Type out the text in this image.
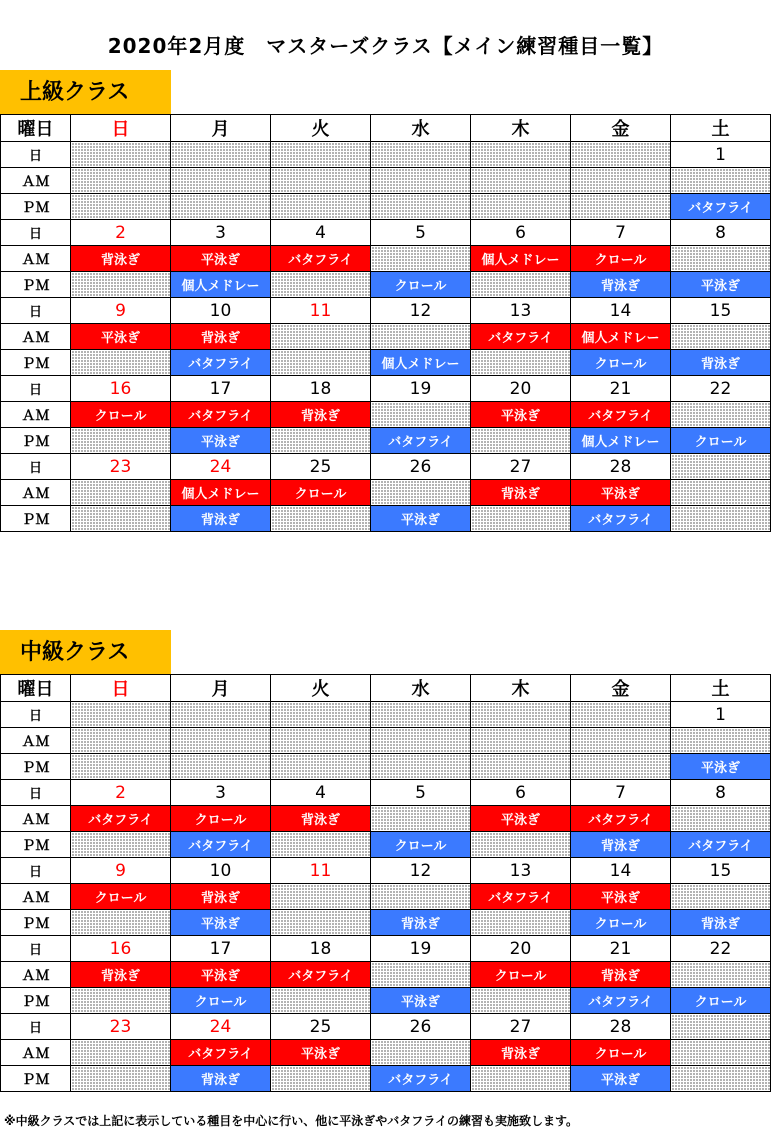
2020年2月度　マスターズクラス【メイン練習種目一覧】
上級クラス
曜日	日	月	火	水	木	金	土
日							1
ＡＭ							
ＰＭ							バタフライ
日	2	3	4	5	6	7	8
ＡＭ	背泳ぎ	平泳ぎ	バタフライ		個人メドレー	クロール	
ＰＭ		個人メドレー		クロール		背泳ぎ	平泳ぎ
日	9	10	11	12	13	14	15
ＡＭ	平泳ぎ	背泳ぎ			バタフライ	個人メドレー	
ＰＭ		バタフライ		個人メドレー		クロール	背泳ぎ
日	16	17	18	19	20	21	22
ＡＭ	クロール	バタフライ	背泳ぎ		平泳ぎ	バタフライ	
ＰＭ		平泳ぎ		バタフライ		個人メドレー	クロール
日	23	24	25	26	27	28	
ＡＭ		個人メドレー	クロール		背泳ぎ	平泳ぎ	
ＰＭ		背泳ぎ		平泳ぎ		バタフライ	
中級クラス
曜日	日	月	火	水	木	金	土
日							1
ＡＭ							
ＰＭ							平泳ぎ
日	2	3	4	5	6	7	8
ＡＭ	バタフライ	クロール	背泳ぎ		平泳ぎ	バタフライ	
ＰＭ		バタフライ		クロール		背泳ぎ	バタフライ
日	9	10	11	12	13	14	15
ＡＭ	クロール	背泳ぎ			バタフライ	平泳ぎ	
ＰＭ		平泳ぎ		背泳ぎ		クロール	背泳ぎ
日	16	17	18	19	20	21	22
ＡＭ	背泳ぎ	平泳ぎ	バタフライ		クロール	背泳ぎ	
ＰＭ		クロール		平泳ぎ		バタフライ	クロール
日	23	24	25	26	27	28	
ＡＭ		バタフライ	平泳ぎ		背泳ぎ	クロール	
ＰＭ		背泳ぎ		バタフライ		平泳ぎ	
※中級クラスでは上記に表示している種目を中心に行い、他に平泳ぎやバタフライの練習も実施致します。
